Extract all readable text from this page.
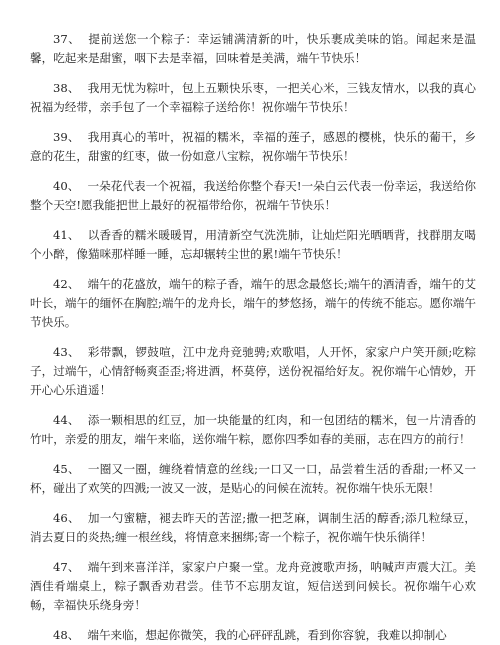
37、 提前送您一个粽子：幸运铺满清新的叶，快乐裹成美味的馅。闻起来是温馨，吃起来是甜蜜，咽下去是幸福，回味着是美满，端午节快乐！

38、 我用无忧为粽叶，包上五颗快乐枣，一把关心米，三钱友情水，以我的真心祝福为经带，亲手包了一个幸福粽子送给你！祝你端午节快乐！

39、 我用真心的苇叶，祝福的糯米，幸福的莲子，感恩的樱桃，快乐的葡干，乡意的花生，甜蜜的红枣，做一份如意八宝粽，祝你端午节快乐！

40、 一朵花代表一个祝福，我送给你整个春天!一朵白云代表一份幸运，我送给你整个天空!愿我能把世上最好的祝福带给你，祝端午节快乐！

41、 以香香的糯米暖暖胃，用清新空气洗洗肺，让灿烂阳光晒晒背，找群朋友喝个小醉，像猫咪那样睡一睡，忘却辗转尘世的累!端午节快乐！

42、 端午的花盛放，端午的粽子香，端午的思念最悠长;端午的酒清香，端午的艾叶长，端午的缅怀在胸腔;端午的龙舟长，端午的梦悠扬，端午的传统不能忘。愿你端午节快乐。

43、 彩带飘，锣鼓喧，江中龙舟竞驰骋;欢歌唱，人开怀，家家户户笑开颜;吃粽子，过端午，心情舒畅爽歪歪;将进酒，杯莫停，送份祝福给好友。祝你端午心情妙，开开心心乐逍遥！

44、 添一颗相思的红豆，加一块能量的红肉，和一包团结的糯米，包一片清香的竹叶，亲爱的朋友，端午来临，送你端午粽，愿你四季如春的美丽，志在四方的前行！

45、 一圈又一圈，缠绕着情意的丝线;一口又一口，品尝着生活的香甜;一杯又一杯，碰出了欢笑的四溅;一波又一波，是贴心的问候在流转。祝你端午快乐无限！

46、 加一勺蜜糖，褪去昨天的苦涩;撒一把芝麻，调制生活的醇香;添几粒绿豆，消去夏日的炎热;缠一根丝线，将情意来捆绑;寄一个粽子，祝你端午快乐徜徉！

47、 端午到来喜洋洋，家家户户聚一堂。龙舟竞渡歌声扬，呐喊声声震大江。美酒佳肴端桌上，粽子飘香劝君尝。佳节不忘朋友谊，短信送到问候长。祝你端午心欢畅，幸福快乐绕身旁！

48、 端午来临，想起你微笑，我的心砰砰乱跳，看到你容貌，我难以抑制心
